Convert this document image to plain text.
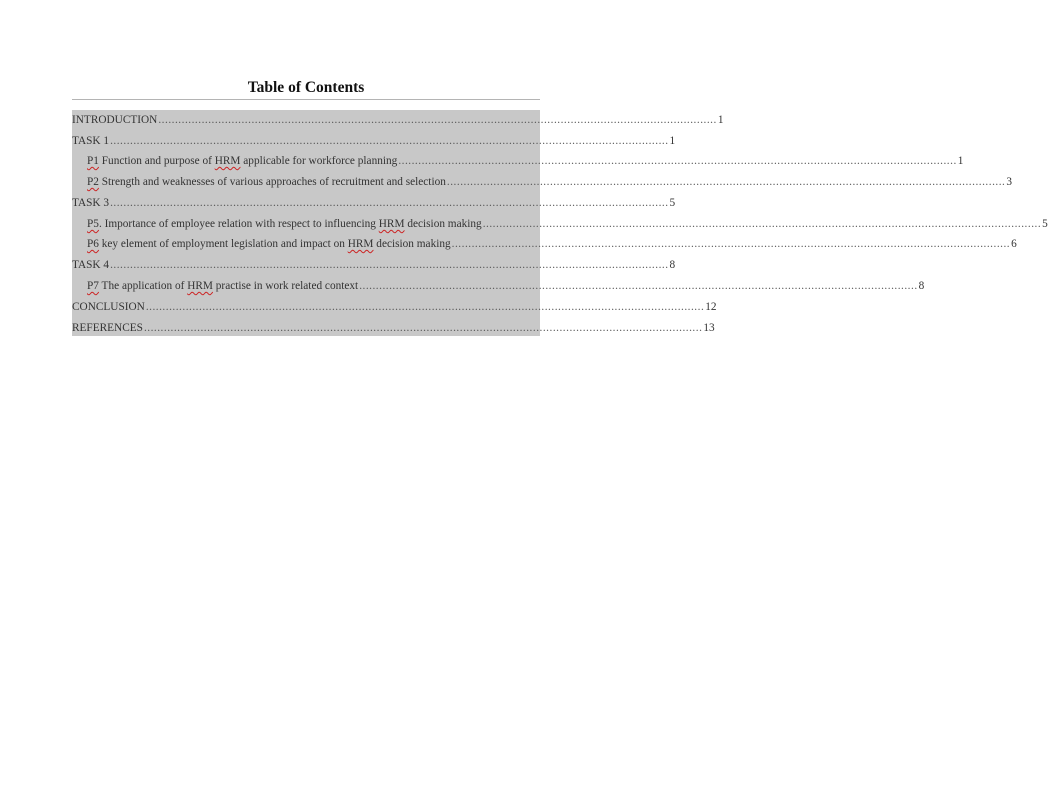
Table of Contents
INTRODUCTION ........................................................................................................................................................................ 1
TASK 1 ........................................................................................................................................................................ 1
P1 Function and purpose of HRM applicable for workforce planning ........................................................................................................................................................................ 1
P2 Strength and weaknesses of various approaches of recruitment and selection ........................................................................................................................................................................ 3
TASK 3 ........................................................................................................................................................................ 5
P5. Importance of employee relation with respect to influencing HRM decision making ........................................................................................................................................................................ 5
P6 key element of employment legislation and impact on HRM decision making ........................................................................................................................................................................ 6
TASK 4 ........................................................................................................................................................................ 8
P7 The application of HRM practise in work related context ........................................................................................................................................................................ 8
CONCLUSION ........................................................................................................................................................................ 12
REFERENCES ........................................................................................................................................................................ 13
